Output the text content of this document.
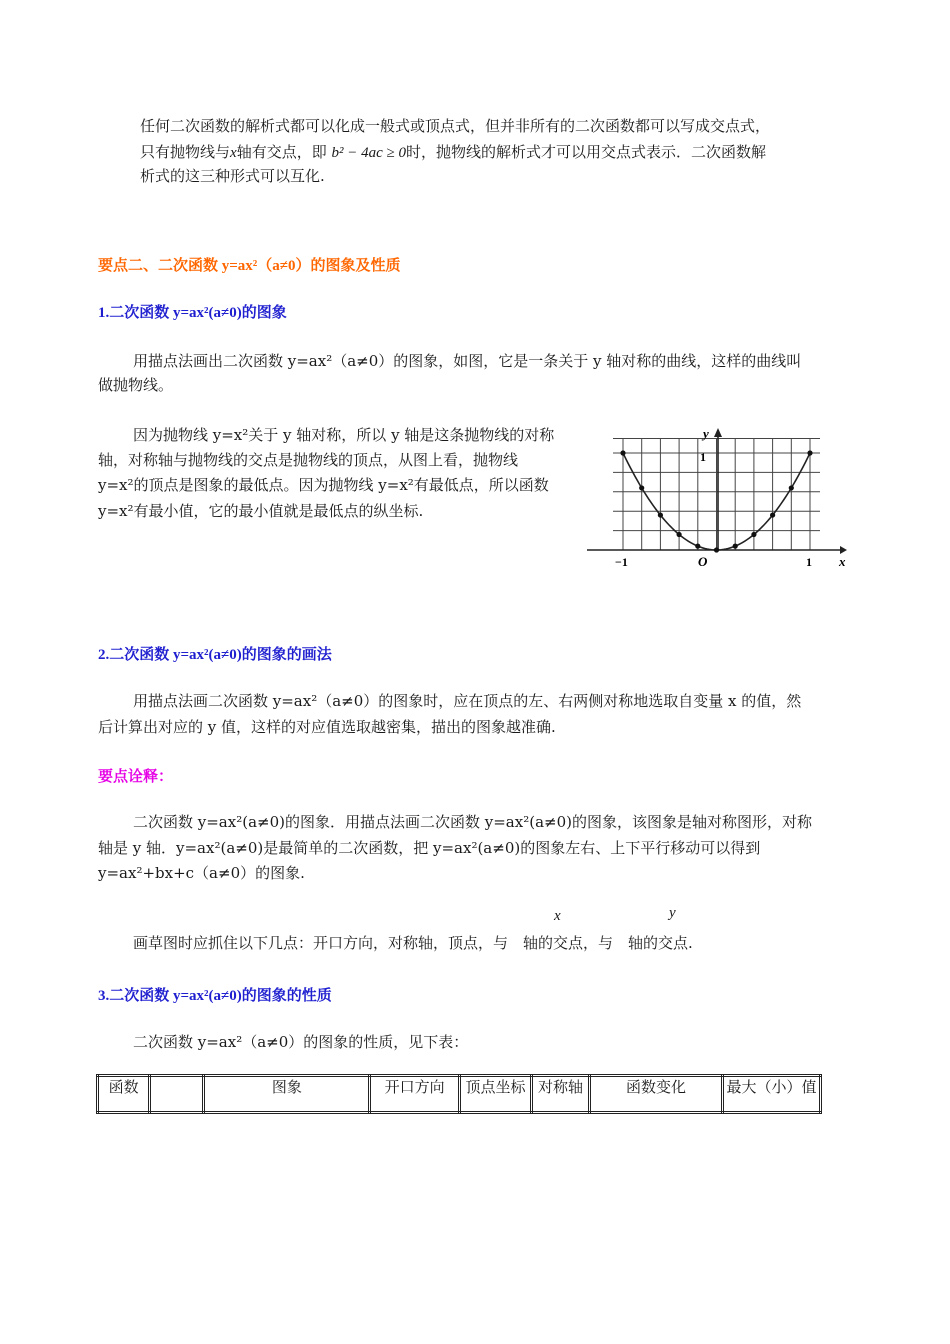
任何二次函数的解析式都可以化成一般式或顶点式，但并非所有的二次函数都可以写成交点式，

只有抛物线与x轴有交点，即 b² − 4ac ≥ 0时，抛物线的解析式才可以用交点式表示．二次函数解

析式的这三种形式可以互化.

要点二、二次函数 y=ax²（a≠0）的图象及性质
1.二次函数 y=ax²(a≠0)的图象

用描点法画出二次函数 y=ax²（a≠0）的图象，如图，它是一条关于 y 轴对称的曲线，这样的曲线叫

做抛物线。

因为抛物线 y=x²关于 y 轴对称，所以 y 轴是这条抛物线的对称

轴，对称轴与抛物线的交点是抛物线的顶点，从图上看，抛物线

y=x²的顶点是图象的最低点。因为抛物线 y=x²有最低点，所以函数

y=x²有最小值，它的最小值就是最低点的纵坐标.

y
1
x
−1	O	1
2.二次函数 y=ax²(a≠0)的图象的画法

用描点法画二次函数 y=ax²（a≠0）的图象时，应在顶点的左、右两侧对称地选取自变量 x 的值，然

后计算出对应的 y 值，这样的对应值选取越密集，描出的图象越准确.

要点诠释：

二次函数 y=ax²(a≠0)的图象．用描点法画二次函数 y=ax²(a≠0)的图象，该图象是轴对称图形，对称

轴是 y 轴．y=ax²(a≠0)是最简单的二次函数，把 y=ax²(a≠0)的图象左右、上下平行移动可以得到

y=ax²+bx+c（a≠0）的图象.

x	y

画草图时应抓住以下几点：开口方向，对称轴，顶点，与　轴的交点，与　轴的交点.

3.二次函数 y=ax²(a≠0)的图象的性质

二次函数 y=ax²（a≠0）的图象的性质，见下表：

函数		图象	开口方向	顶点坐标	对称轴	函数变化	最大（小）值
